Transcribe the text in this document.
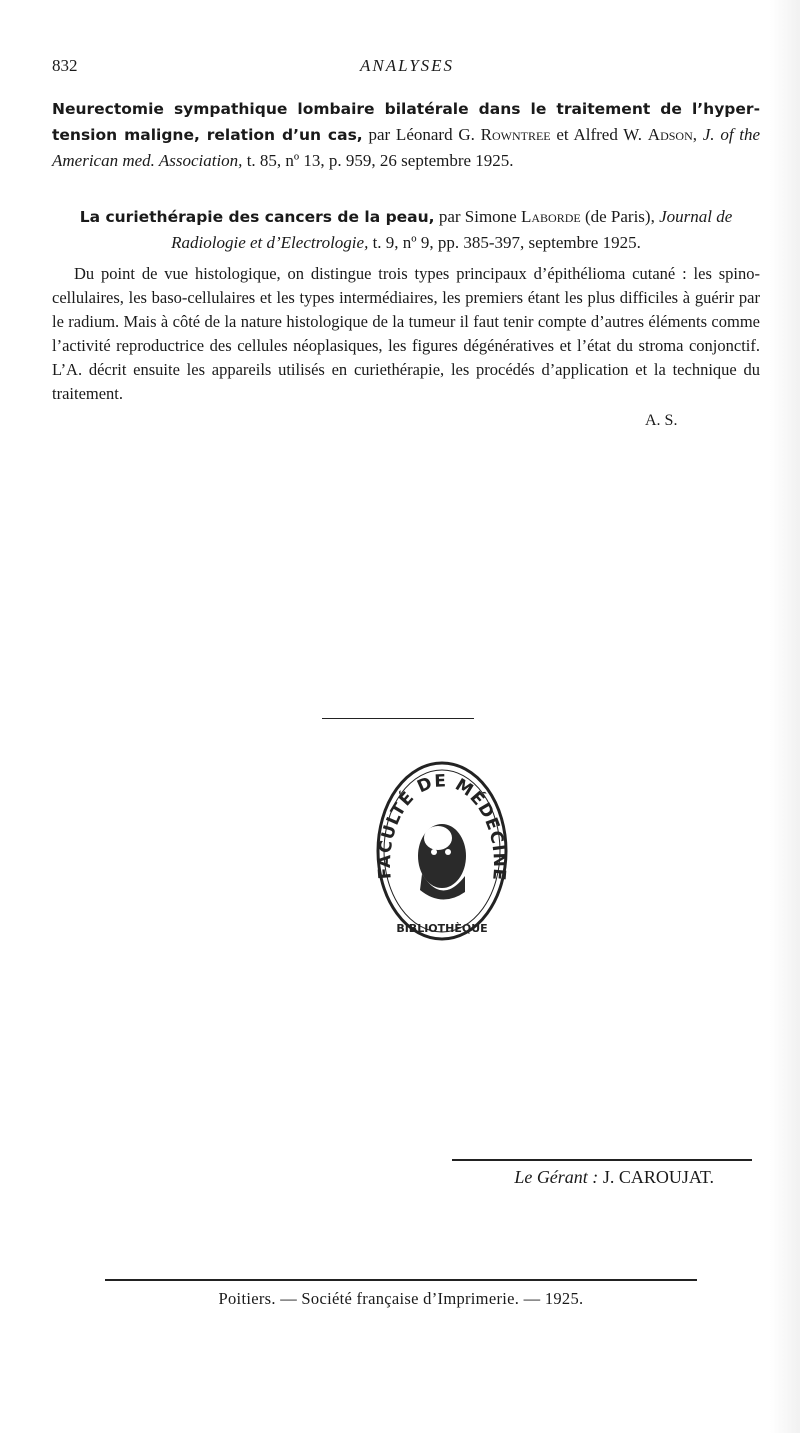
832	ANALYSES
Neurectomie sympathique lombaire bilatérale dans le traitement de l’hypertension maligne, relation d’un cas, par Léonard G. Rowntree et Alfred W. Adson, J. of the American med. Association, t. 85, nº 13, p. 959, 26 septembre 1925.
La curiethérapie des cancers de la peau, par Simone Laborde (de Paris), Journal de Radiologie et d’Electrologie, t. 9, nº 9, pp. 385-397, septembre 1925.

Du point de vue histologique, on distingue trois types principaux d’épithélioma cutané : les spino-cellulaires, les baso-cellulaires et les types intermédiaires, les premiers étant les plus difficiles à guérir par le radium. Mais à côté de la nature histologique de la tumeur il faut tenir compte d’autres éléments comme l’activité reproductrice des cellules néoplasiques, les figures dégénératives et l’état du stroma conjonctif. L’A. décrit ensuite les appareils utilisés en curiethérapie, les procédés d’application et la technique du traitement.

A. S.
FACULTÉ DE MÉDECINE
BIBLIOTHÈQUE
Le Gérant : J. CAROUJAT.
Poitiers. — Société française d’Imprimerie. — 1925.
